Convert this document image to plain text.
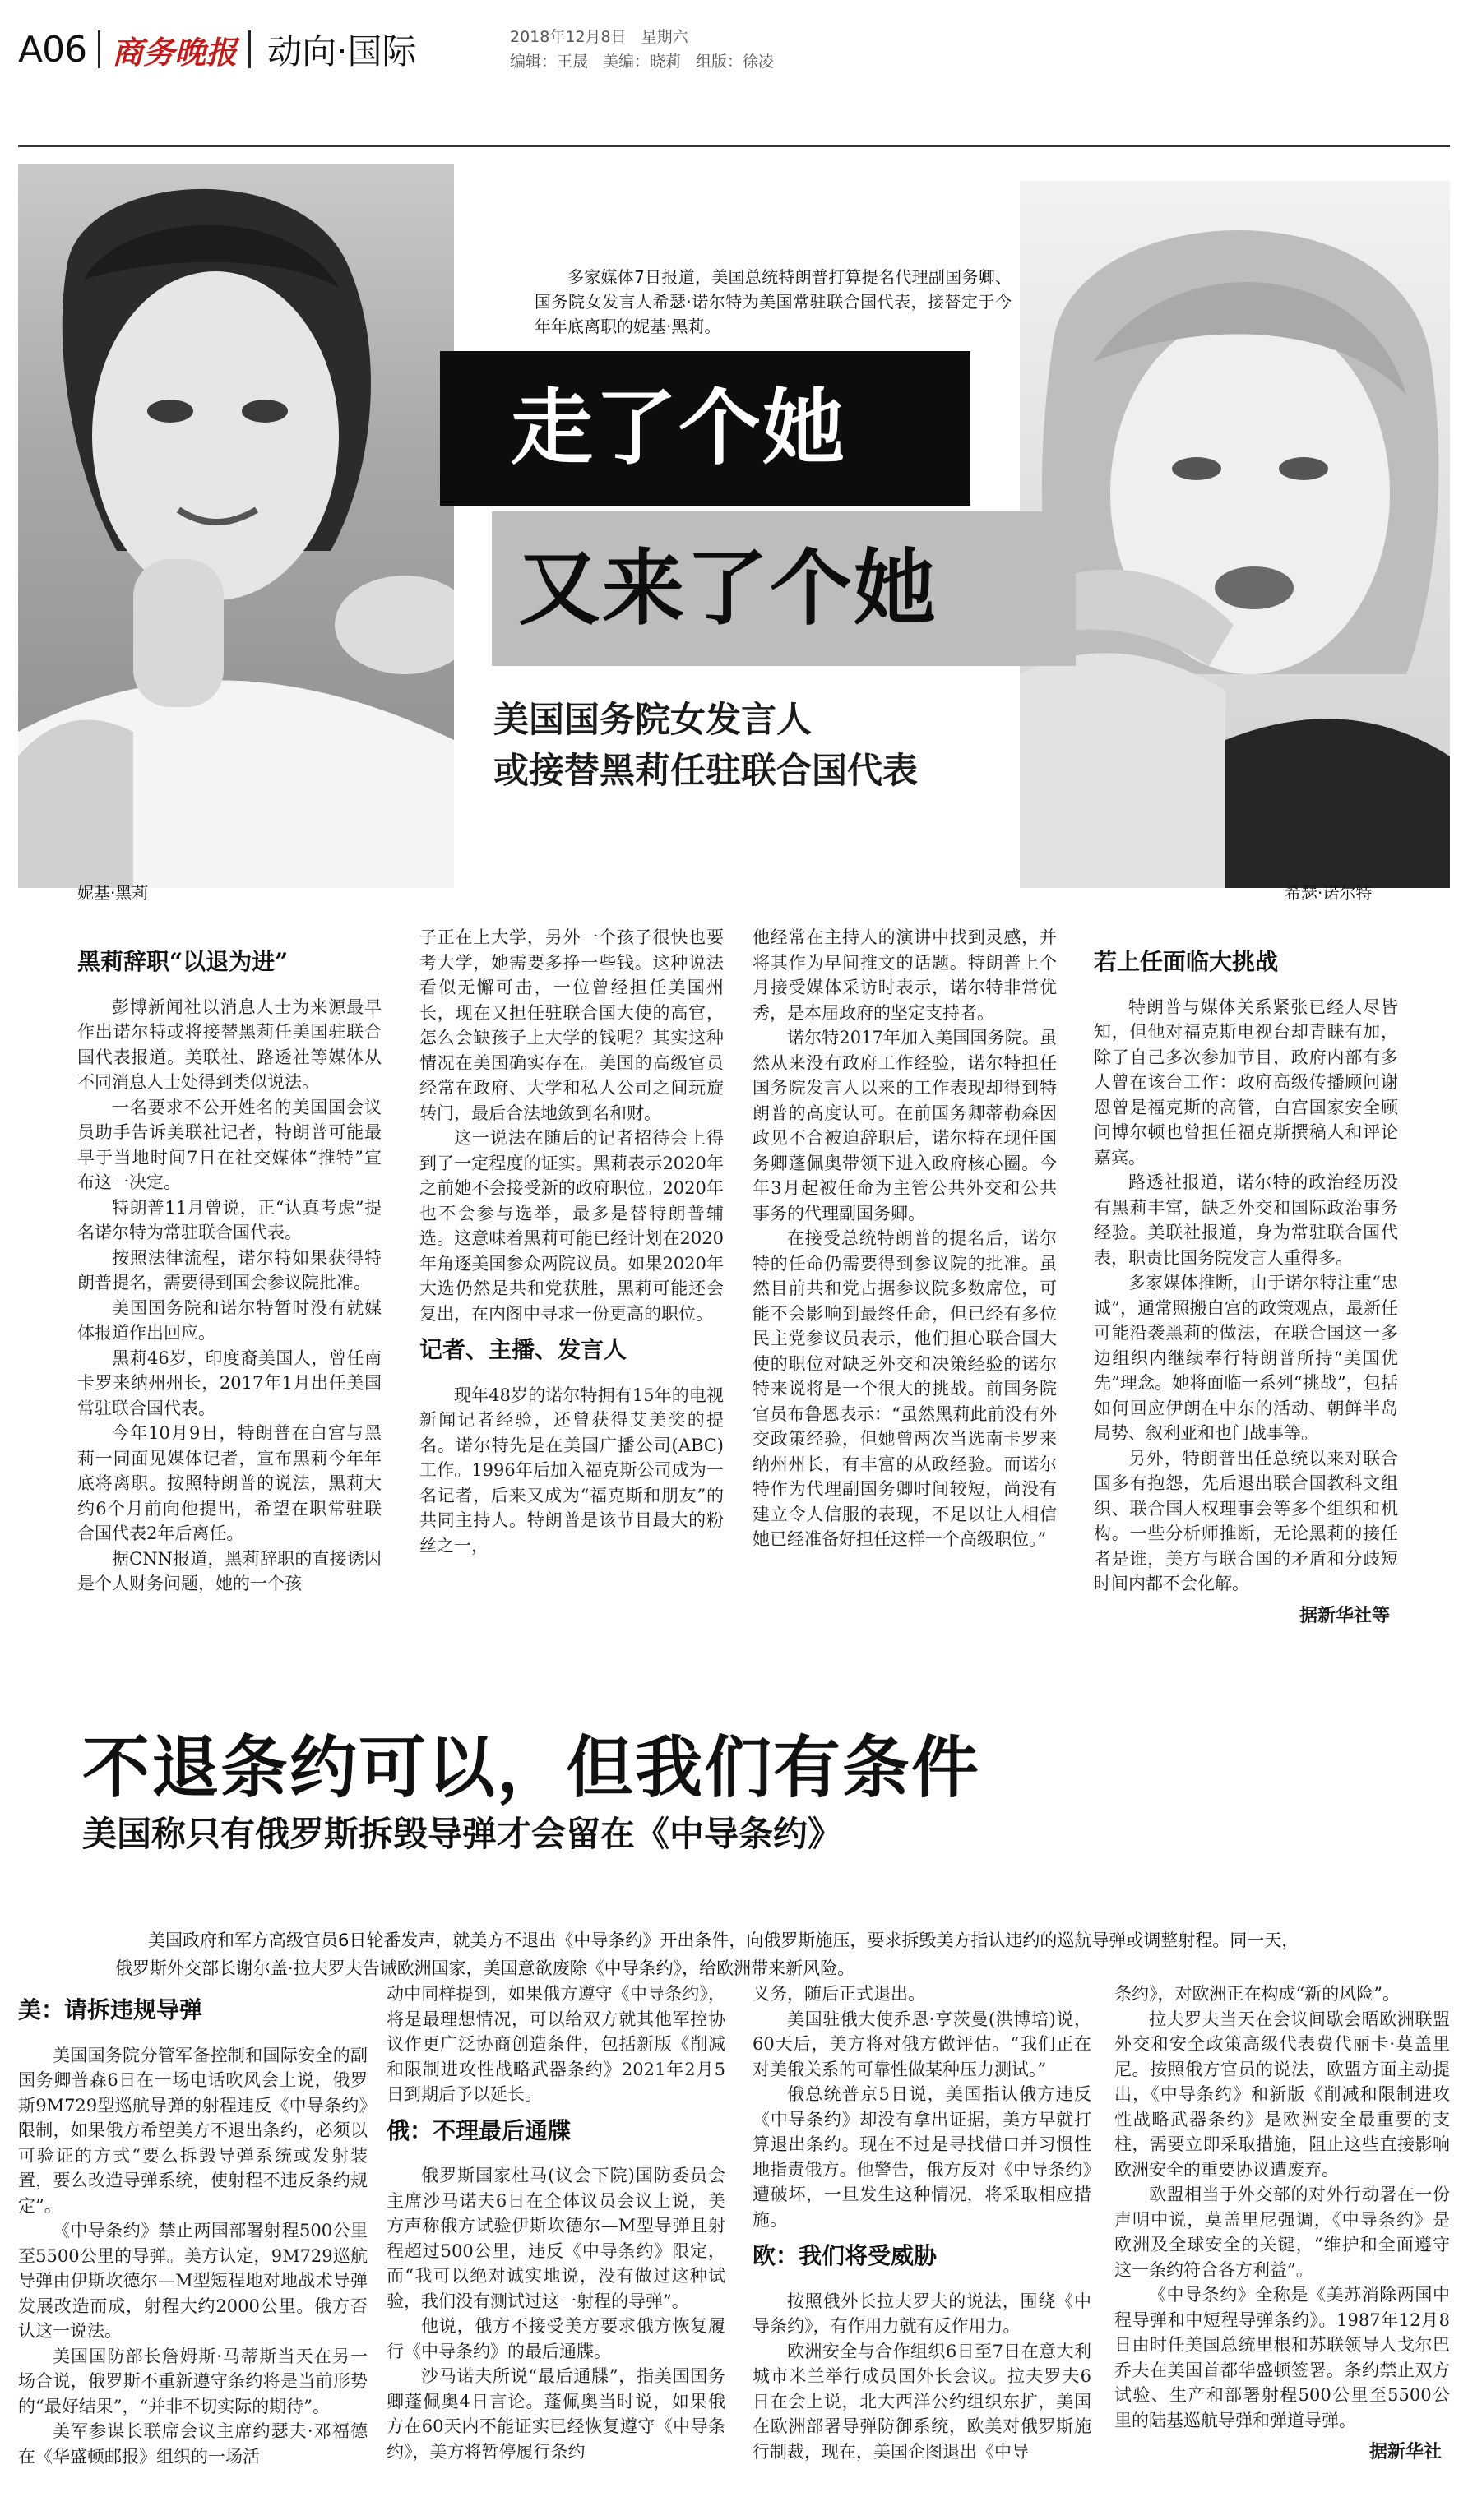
A06 商务晚报 动向·国际	2018年12月8日 星期六
编辑：王晟 美编：晓莉 组版：徐凌

多家媒体7日报道，美国总统特朗普打算提名代理副国务卿、国务院女发言人希瑟·诺尔特为美国常驻联合国代表，接替定于今年年底离职的妮基·黑莉。

走了个她
又来了个她
美国国务院女发言人
或接替黑莉任驻联合国代表
妮基·黑莉	希瑟·诺尔特
黑莉辞职“以退为进”

彭博新闻社以消息人士为来源最早作出诺尔特或将接替黑莉任美国驻联合国代表报道。美联社、路透社等媒体从不同消息人士处得到类似说法。

一名要求不公开姓名的美国国会议员助手告诉美联社记者，特朗普可能最早于当地时间7日在社交媒体“推特”宣布这一决定。

特朗普11月曾说，正“认真考虑”提名诺尔特为常驻联合国代表。

按照法律流程，诺尔特如果获得特朗普提名，需要得到国会参议院批准。

美国国务院和诺尔特暂时没有就媒体报道作出回应。

黑莉46岁，印度裔美国人，曾任南卡罗来纳州州长，2017年1月出任美国常驻联合国代表。

今年10月9日，特朗普在白宫与黑莉一同面见媒体记者，宣布黑莉今年年底将离职。按照特朗普的说法，黑莉大约6个月前向他提出，希望在职常驻联合国代表2年后离任。

据CNN报道，黑莉辞职的直接诱因是个人财务问题，她的一个孩

子正在上大学，另外一个孩子很快也要考大学，她需要多挣一些钱。这种说法看似无懈可击，一位曾经担任美国州长，现在又担任驻联合国大使的高官，怎么会缺孩子上大学的钱呢？其实这种情况在美国确实存在。美国的高级官员经常在政府、大学和私人公司之间玩旋转门，最后合法地敛到名和财。

这一说法在随后的记者招待会上得到了一定程度的证实。黑莉表示2020年之前她不会接受新的政府职位。2020年也不会参与选举，最多是替特朗普辅选。这意味着黑莉可能已经计划在2020年角逐美国参众两院议员。如果2020年大选仍然是共和党获胜，黑莉可能还会复出，在内阁中寻求一份更高的职位。

记者、主播、发言人

现年48岁的诺尔特拥有15年的电视新闻记者经验，还曾获得艾美奖的提名。诺尔特先是在美国广播公司(ABC)工作。1996年后加入福克斯公司成为一名记者，后来又成为“福克斯和朋友”的共同主持人。特朗普是该节目最大的粉丝之一，

他经常在主持人的演讲中找到灵感，并将其作为早间推文的话题。特朗普上个月接受媒体采访时表示，诺尔特非常优秀，是本届政府的坚定支持者。

诺尔特2017年加入美国国务院。虽然从来没有政府工作经验，诺尔特担任国务院发言人以来的工作表现却得到特朗普的高度认可。在前国务卿蒂勒森因政见不合被迫辞职后，诺尔特在现任国务卿蓬佩奥带领下进入政府核心圈。今年3月起被任命为主管公共外交和公共事务的代理副国务卿。

在接受总统特朗普的提名后，诺尔特的任命仍需要得到参议院的批准。虽然目前共和党占据参议院多数席位，可能不会影响到最终任命，但已经有多位民主党参议员表示，他们担心联合国大使的职位对缺乏外交和决策经验的诺尔特来说将是一个很大的挑战。前国务院官员布鲁恩表示：“虽然黑莉此前没有外交政策经验，但她曾两次当选南卡罗来纳州州长，有丰富的从政经验。而诺尔特作为代理副国务卿时间较短，尚没有建立令人信服的表现，不足以让人相信她已经准备好担任这样一个高级职位。”

若上任面临大挑战

特朗普与媒体关系紧张已经人尽皆知，但他对福克斯电视台却青睐有加，除了自己多次参加节目，政府内部有多人曾在该台工作：政府高级传播顾问谢恩曾是福克斯的高管，白宫国家安全顾问博尔顿也曾担任福克斯撰稿人和评论嘉宾。

路透社报道，诺尔特的政治经历没有黑莉丰富，缺乏外交和国际政治事务经验。美联社报道，身为常驻联合国代表，职责比国务院发言人重得多。

多家媒体推断，由于诺尔特注重“忠诚”，通常照搬白宫的政策观点，最新任可能沿袭黑莉的做法，在联合国这一多边组织内继续奉行特朗普所持“美国优先”理念。她将面临一系列“挑战”，包括如何回应伊朗在中东的活动、朝鲜半岛局势、叙利亚和也门战事等。

另外，特朗普出任总统以来对联合国多有抱怨，先后退出联合国教科文组织、联合国人权理事会等多个组织和机构。一些分析师推断，无论黑莉的接任者是谁，美方与联合国的矛盾和分歧短时间内都不会化解。

据新华社等
不退条约可以，但我们有条件
美国称只有俄罗斯拆毁导弹才会留在《中导条约》

美国政府和军方高级官员6日轮番发声，就美方不退出《中导条约》开出条件，向俄罗斯施压，要求拆毁美方指认违约的巡航导弹或调整射程。同一天，俄罗斯外交部长谢尔盖·拉夫罗夫告诫欧洲国家，美国意欲废除《中导条约》，给欧洲带来新风险。

美：请拆违规导弹

美国国务院分管军备控制和国际安全的副国务卿普森6日在一场电话吹风会上说，俄罗斯9M729型巡航导弹的射程违反《中导条约》限制，如果俄方希望美方不退出条约，必须以可验证的方式“要么拆毁导弹系统或发射装置，要么改造导弹系统，使射程不违反条约规定”。

《中导条约》禁止两国部署射程500公里至5500公里的导弹。美方认定，9M729巡航导弹由伊斯坎德尔—M型短程地对地战术导弹发展改造而成，射程大约2000公里。俄方否认这一说法。

美国国防部长詹姆斯·马蒂斯当天在另一场合说，俄罗斯不重新遵守条约将是当前形势的“最好结果”，“并非不切实际的期待”。

美军参谋长联席会议主席约瑟夫·邓福德在《华盛顿邮报》组织的一场活

动中同样提到，如果俄方遵守《中导条约》，将是最理想情况，可以给双方就其他军控协议作更广泛协商创造条件，包括新版《削减和限制进攻性战略武器条约》2021年2月5日到期后予以延长。

俄：不理最后通牒

俄罗斯国家杜马(议会下院)国防委员会主席沙马诺夫6日在全体议员会议上说，美方声称俄方试验伊斯坎德尔—M型导弹且射程超过500公里，违反《中导条约》限定，而“我可以绝对诚实地说，没有做过这种试验，我们没有测试过这一射程的导弹”。

他说，俄方不接受美方要求俄方恢复履行《中导条约》的最后通牒。

沙马诺夫所说“最后通牒”，指美国国务卿蓬佩奥4日言论。蓬佩奥当时说，如果俄方在60天内不能证实已经恢复遵守《中导条约》，美方将暂停履行条约

义务，随后正式退出。

美国驻俄大使乔恩·亨茨曼(洪博培)说，60天后，美方将对俄方做评估。“我们正在对美俄关系的可靠性做某种压力测试。”

俄总统普京5日说，美国指认俄方违反《中导条约》却没有拿出证据，美方早就打算退出条约。现在不过是寻找借口并习惯性地指责俄方。他警告，俄方反对《中导条约》遭破坏，一旦发生这种情况，将采取相应措施。

欧：我们将受威胁

按照俄外长拉夫罗夫的说法，围绕《中导条约》，有作用力就有反作用力。

欧洲安全与合作组织6日至7日在意大利城市米兰举行成员国外长会议。拉夫罗夫6日在会上说，北大西洋公约组织东扩，美国在欧洲部署导弹防御系统，欧美对俄罗斯施行制裁，现在，美国企图退出《中导

条约》，对欧洲正在构成“新的风险”。

拉夫罗夫当天在会议间歇会晤欧洲联盟外交和安全政策高级代表费代丽卡·莫盖里尼。按照俄方官员的说法，欧盟方面主动提出，《中导条约》和新版《削减和限制进攻性战略武器条约》是欧洲安全最重要的支柱，需要立即采取措施，阻止这些直接影响欧洲安全的重要协议遭废弃。

欧盟相当于外交部的对外行动署在一份声明中说，莫盖里尼强调，《中导条约》是欧洲及全球安全的关键，“维护和全面遵守这一条约符合各方利益”。

《中导条约》全称是《美苏消除两国中程导弹和中短程导弹条约》。1987年12月8日由时任美国总统里根和苏联领导人戈尔巴乔夫在美国首都华盛顿签署。条约禁止双方试验、生产和部署射程500公里至5500公里的陆基巡航导弹和弹道导弹。

据新华社
